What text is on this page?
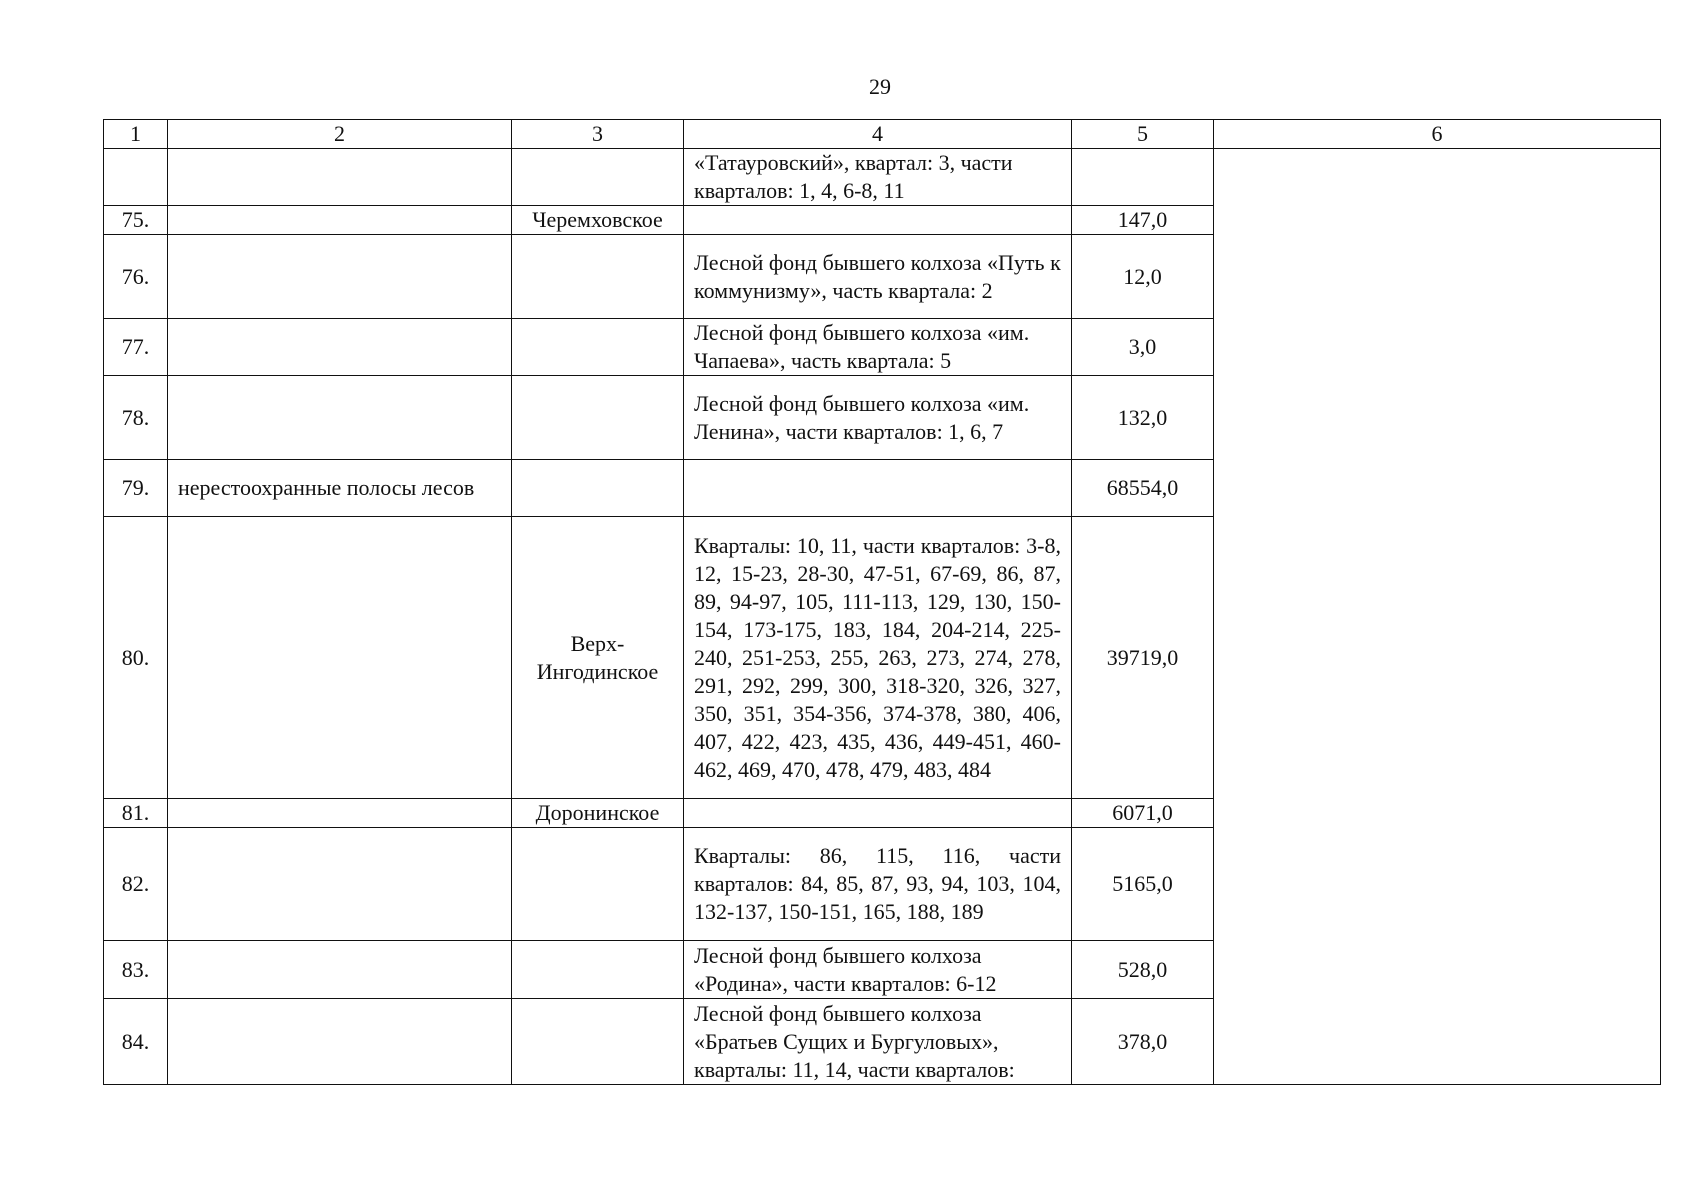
29
1	2	3	4	5	6
			«Татауровский», квартал: 3, части кварталов: 1, 4, 6-8, 11		
75.		Черемховское		147,0	
76.			Лесной фонд бывшего колхоза «Путь к коммунизму», часть квартала: 2	12,0	
77.			Лесной фонд бывшего колхоза «им. Чапаева», часть квартала: 5	3,0	
78.			Лесной фонд бывшего колхоза «им. Ленина», части кварталов: 1, 6, 7	132,0	
79.	нерестоохранные полосы лесов			68554,0	
80.		Верх-Ингодинское	Кварталы: 10, 11, части кварталов: 3-8, 12, 15-23, 28-30, 47-51, 67-69, 86, 87, 89, 94-97, 105, 111-113, 129, 130, 150-154, 173-175, 183, 184, 204-214, 225-240, 251-253, 255, 263, 273, 274, 278, 291, 292, 299, 300, 318-320, 326, 327, 350, 351, 354-356, 374-378, 380, 406, 407, 422, 423, 435, 436, 449-451, 460-462, 469, 470, 478, 479, 483, 484	39719,0	
81.		Доронинское		6071,0	
82.			Кварталы: 86, 115, 116, части кварталов: 84, 85, 87, 93, 94, 103, 104, 132-137, 150-151, 165, 188, 189	5165,0	
83.			Лесной фонд бывшего колхоза «Родина», части кварталов: 6-12	528,0	
84.			Лесной фонд бывшего колхоза «Братьев Сущих и Бургуловых», кварталы: 11, 14, части кварталов:	378,0	
